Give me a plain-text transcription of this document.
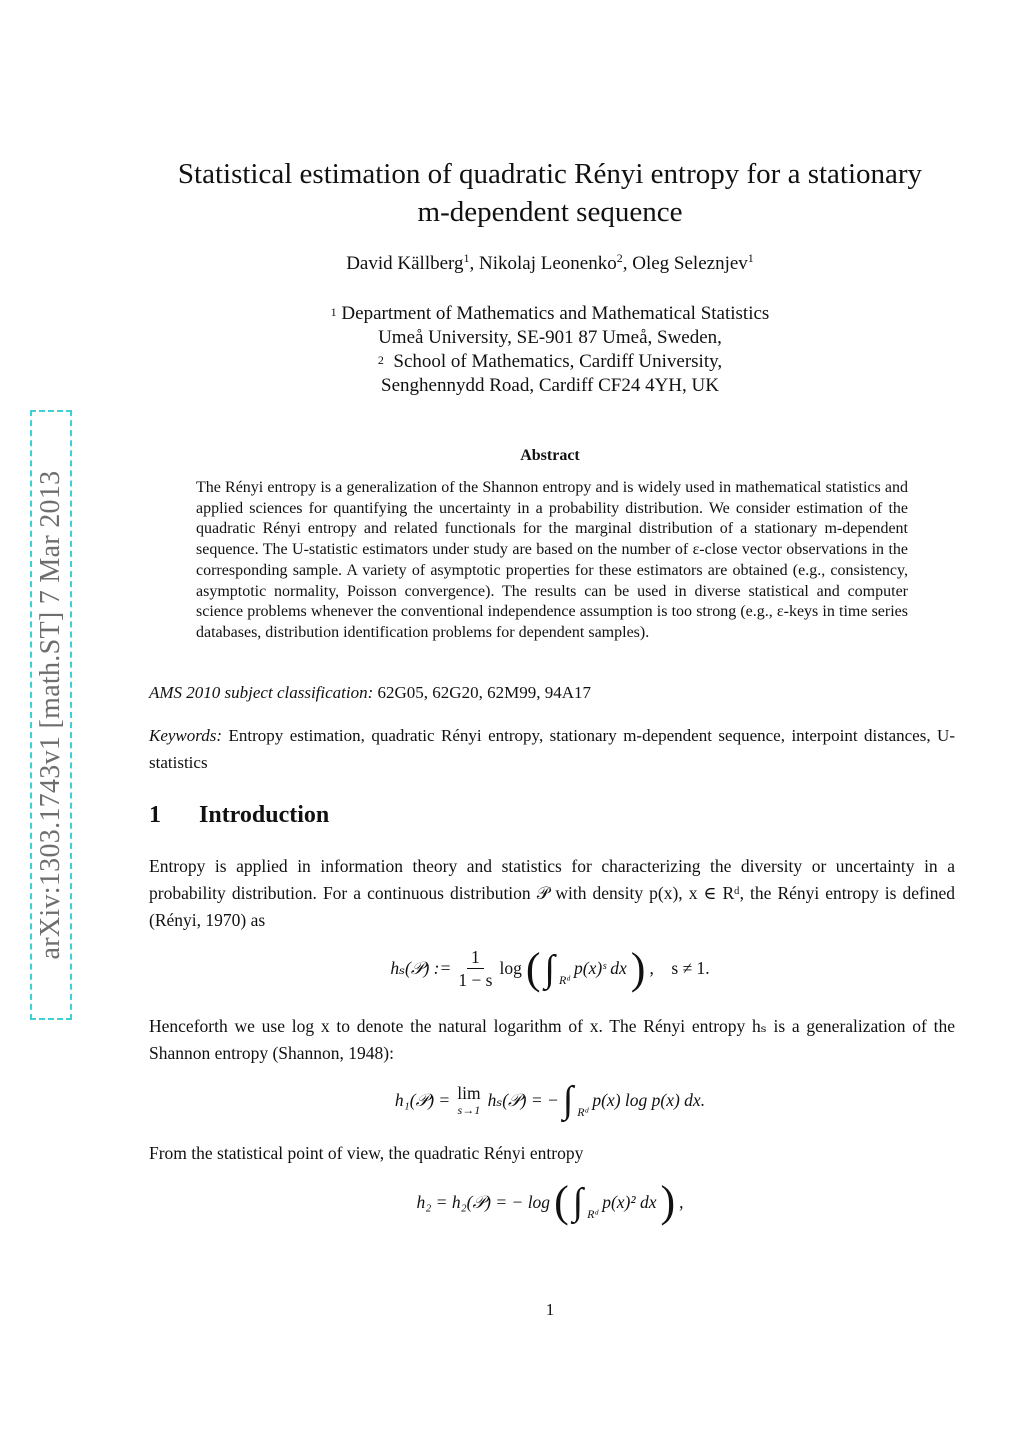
arXiv:1303.1743v1 [math.ST] 7 Mar 2013
Statistical estimation of quadratic Rényi entropy for a stationary
m-dependent sequence
David Källberg$^1$, Nikolaj Leonenko$^2$, Oleg Seleznjev$^1$
$^1$ Department of Mathematics and Mathematical Statistics
Umeå University, SE-901 87 Umeå, Sweden,
$^2$ School of Mathematics, Cardiff University,
Senghennydd Road, Cardiff CF24 4YH, UK
Abstract
The Rényi entropy is a generalization of the Shannon entropy and is widely used in mathematical statistics and applied sciences for quantifying the uncertainty in a probability distribution. We consider estimation of the quadratic Rényi entropy and related functionals for the marginal distribution of a stationary m-dependent sequence. The U-statistic estimators under study are based on the number of ε-close vector observations in the corresponding sample. A variety of asymptotic properties for these estimators are obtained (e.g., consistency, asymptotic normality, Poisson convergence). The results can be used in diverse statistical and computer science problems whenever the conventional independence assumption is too strong (e.g., ε-keys in time series databases, distribution identification problems for dependent samples).
AMS 2010 subject classification: 62G05, 62G20, 62M99, 94A17
Keywords: Entropy estimation, quadratic Rényi entropy, stationary m-dependent sequence, interpoint distances, U-statistics
1 Introduction
Entropy is applied in information theory and statistics for characterizing the diversity or uncertainty in a probability distribution. For a continuous distribution 𝒫 with density p(x), x ∈ Rᵈ, the Rényi entropy is defined (Rényi, 1970) as
hₛ(𝒫) := $\frac{1}{1 - s}$ log ( ∫ Rᵈ
p(x)ˢ dx ) ,    s ≠ 1.
Henceforth we use log x to denote the natural logarithm of x. The Rényi entropy hₛ is a generalization of the Shannon entropy (Shannon, 1948):
h₁(𝒫) = lim
s→1
hₛ(𝒫) = − ∫ Rᵈ
p(x) log p(x) dx.
From the statistical point of view, the quadratic Rényi entropy
h₂ = h₂(𝒫) = − log ( ∫ Rᵈ
p(x)² dx ) ,
1
